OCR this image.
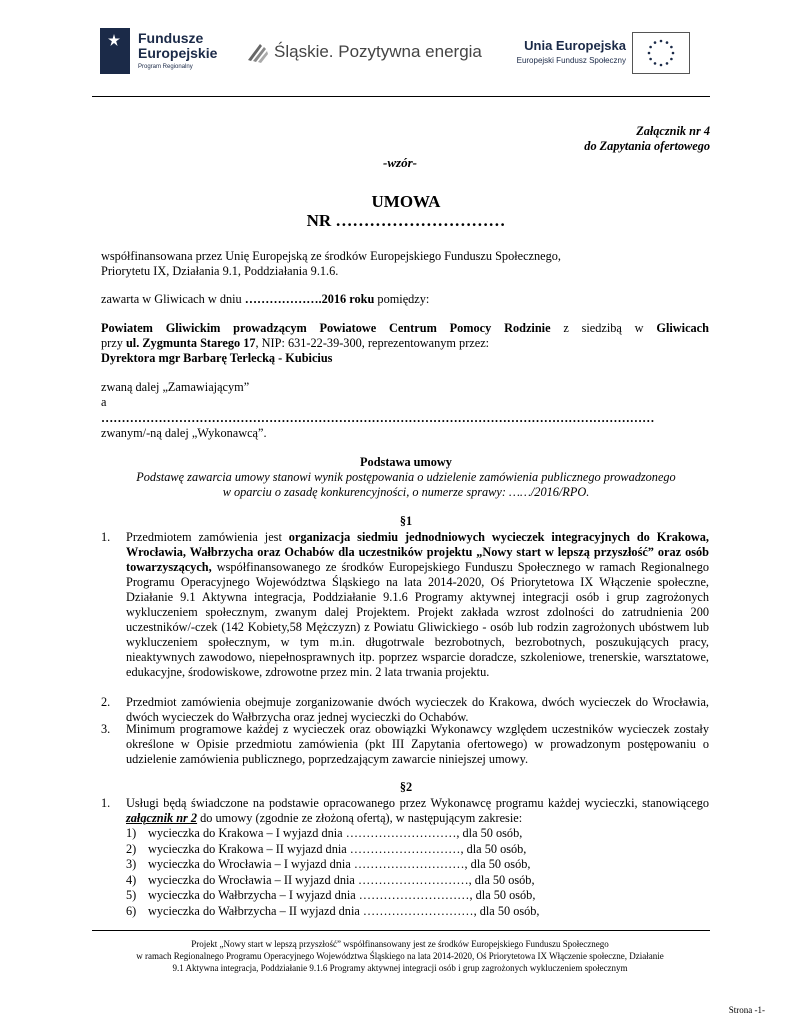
Fundusze
Europejskie
Program Regionalny
Śląskie. Pozytywna energia	Unia Europejska
Europejski Fundusz Społeczny
Załącznik nr 4
do Zapytania ofertowego
-wzór-
UMOWA
NR …………………………
współfinansowana przez Unię Europejską ze środków Europejskiego Funduszu Społecznego,
Priorytetu IX, Działania 9.1, Poddziałania 9.1.6.
zawarta w Gliwicach w dniu ……………….2016 roku pomiędzy:
Powiatem Gliwickim prowadzącym Powiatowe Centrum Pomocy Rodzinie z siedzibą w Gliwicach
przy ul. Zygmunta Starego 17, NIP: 631-22-39-300, reprezentowanym przez:
Dyrektora mgr Barbarę Terlecką - Kubicius
zwaną dalej „Zamawiającym”
a
………………………………………………………………………………………………………………………
zwanym/-ną dalej „Wykonawcą”.
Podstawa umowy
Podstawę zawarcia umowy stanowi wynik postępowania o udzielenie zamówienia publicznego prowadzonego
w oparciu o zasadę konkurencyjności, o numerze sprawy: ……/2016/RPO.
§1
1. Przedmiotem zamówienia jest organizacja siedmiu jednodniowych wycieczek integracyjnych do Krakowa, Wrocławia, Wałbrzycha oraz Ochabów dla uczestników projektu „Nowy start w lepszą przyszłość” oraz osób towarzyszących, współfinansowanego ze środków Europejskiego Funduszu Społecznego w ramach Regionalnego Programu Operacyjnego Województwa Śląskiego na lata 2014-2020, Oś Priorytetowa IX Włączenie społeczne, Działanie 9.1 Aktywna integracja, Poddziałanie 9.1.6 Programy aktywnej integracji osób i grup zagrożonych wykluczeniem społecznym, zwanym dalej Projektem. Projekt zakłada wzrost zdolności do zatrudnienia 200 uczestników/-czek (142 Kobiety,58 Mężczyzn) z Powiatu Gliwickiego - osób lub rodzin zagrożonych ubóstwem lub wykluczeniem społecznym, w tym m.in. długotrwale bezrobotnych, bezrobotnych, poszukujących pracy, nieaktywnych zawodowo, niepełnosprawnych itp. poprzez wsparcie doradcze, szkoleniowe, trenerskie, warsztatowe, edukacyjne, środowiskowe, zdrowotne przez min. 2 lata trwania projektu.
2. Przedmiot zamówienia obejmuje zorganizowanie dwóch wycieczek do Krakowa, dwóch wycieczek do Wrocławia, dwóch wycieczek do Wałbrzycha oraz jednej wycieczki do Ochabów.
3. Minimum programowe każdej z wycieczek oraz obowiązki Wykonawcy względem uczestników wycieczek zostały określone w Opisie przedmiotu zamówienia (pkt III Zapytania ofertowego) w prowadzonym postępowaniu o udzielenie zamówienia publicznego, poprzedzającym zawarcie niniejszej umowy.
§2
1. Usługi będą świadczone na podstawie opracowanego przez Wykonawcę programu każdej wycieczki, stanowiącego załącznik nr 2 do umowy (zgodnie ze złożoną ofertą), w następującym zakresie:
1) wycieczka do Krakowa – I wyjazd dnia ………………………, dla 50 osób,
2) wycieczka do Krakowa – II wyjazd dnia ………………………, dla 50 osób,
3) wycieczka do Wrocławia – I wyjazd dnia ………………………, dla 50 osób,
4) wycieczka do Wrocławia – II wyjazd dnia ………………………, dla 50 osób,
5) wycieczka do Wałbrzycha – I wyjazd dnia ………………………, dla 50 osób,
6) wycieczka do Wałbrzycha – II wyjazd dnia ………………………, dla 50 osób,
Projekt „Nowy start w lepszą przyszłość” współfinansowany jest ze środków Europejskiego Funduszu Społecznego
w ramach Regionalnego Programu Operacyjnego Województwa Śląskiego na lata 2014-2020, Oś Priorytetowa IX Włączenie społeczne, Działanie
9.1 Aktywna integracja, Poddziałanie 9.1.6 Programy aktywnej integracji osób i grup zagrożonych wykluczeniem społecznym
Strona -1-
